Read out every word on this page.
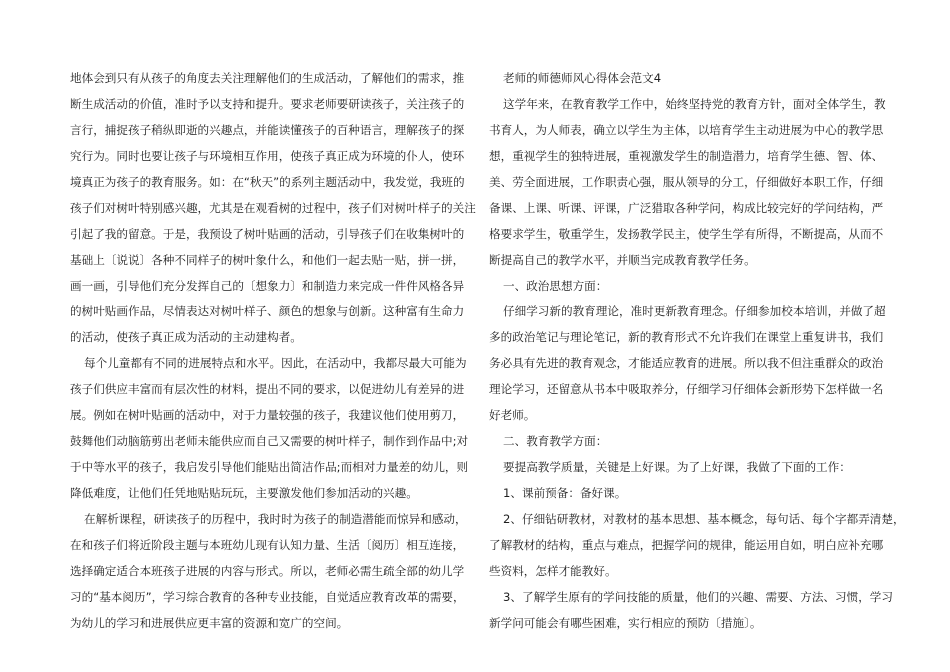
地体会到只有从孩子的角度去关注理解他们的生成活动，了解他们的需求，推
断生成活动的价值，准时予以支持和提升。要求老师要研读孩子，关注孩子的
言行，捕捉孩子稍纵即逝的兴趣点，并能读懂孩子的百种语言，理解孩子的探
究行为。同时也要让孩子与环境相互作用，使孩子真正成为环境的仆人，使环
境真正为孩子的教育服务。如：在“秋天”的系列主题活动中，我发觉，我班的
孩子们对树叶特别感兴趣，尤其是在观看树的过程中，孩子们对树叶样子的关注
引起了我的留意。于是，我预设了树叶贴画的活动，引导孩子们在收集树叶的
基础上〔说说〕各种不同样子的树叶象什么，和他们一起去贴一贴，拼一拼，
画一画，引导他们充分发挥自己的〔想象力〕和制造力来完成一件件风格各异
的树叶贴画作品，尽情表达对树叶样子、颜色的想象与创新。这种富有生命力
的活动，使孩子真正成为活动的主动建构者。
每个儿童都有不同的进展特点和水平。因此，在活动中，我都尽最大可能为
孩子们供应丰富而有层次性的材料，提出不同的要求，以促进幼儿有差异的进
展。例如在树叶贴画的活动中，对于力量较强的孩子，我建议他们使用剪刀，
鼓舞他们动脑筋剪出老师未能供应而自己又需要的树叶样子，制作到作品中;对
于中等水平的孩子，我启发引导他们能贴出简洁作品;而相对力量差的幼儿，则
降低难度，让他们任凭地贴贴玩玩，主要激发他们参加活动的兴趣。
在解析课程，研读孩子的历程中，我时时为孩子的制造潜能而惊异和感动，
在和孩子们将近阶段主题与本班幼儿现有认知力量、生活〔阅历〕相互连接，
选择确定适合本班孩子进展的内容与形式。所以，老师必需生疏全部的幼儿学
习的“基本阅历”，学习综合教育的各种专业技能，自觉适应教育改革的需要，
为幼儿的学习和进展供应更丰富的资源和宽广的空间。
老师的师德师风心得体会范文4
这学年来，在教育教学工作中，始终坚持党的教育方针，面对全体学生，教
书育人，为人师表，确立以学生为主体，以培育学生主动进展为中心的教学思
想，重视学生的独特进展，重视激发学生的制造潜力，培育学生德、智、体、
美、劳全面进展，工作职责心强，服从领导的分工，仔细做好本职工作，仔细
备课、上课、听课、评课，广泛猎取各种学问，构成比较完好的学问结构，严
格要求学生，敬重学生，发扬教学民主，使学生学有所得，不断提高，从而不
断提高自己的教学水平，并顺当完成教育教学任务。
一、政治思想方面：
仔细学习新的教育理论，准时更新教育理念。仔细参加校本培训，并做了超
多的政治笔记与理论笔记，新的教育形式不允许我们在课堂上重复讲书，我们
务必具有先进的教育观念，才能适应教育的进展。所以我不但注重群众的政治
理论学习，还留意从书本中吸取养分，仔细学习仔细体会新形势下怎样做一名
好老师。
二、教育教学方面：
要提高教学质量，关键是上好课。为了上好课，我做了下面的工作：
1、课前预备：备好课。
2、仔细钻研教材，对教材的基本思想、基本概念，每句话、每个字都弄清楚，
了解教材的结构，重点与难点，把握学问的规律，能运用自如，明白应补充哪
些资料，怎样才能教好。
3、了解学生原有的学问技能的质量，他们的兴趣、需要、方法、习惯，学习
新学问可能会有哪些困难，实行相应的预防〔措施〕。
